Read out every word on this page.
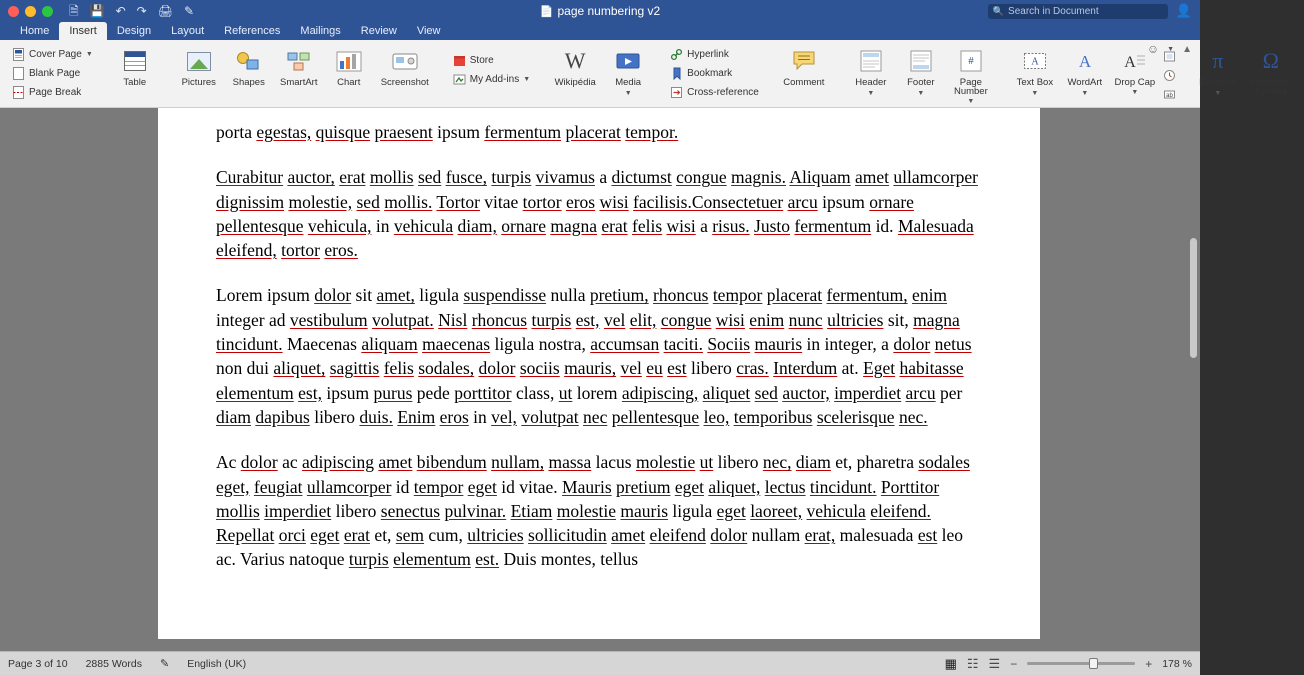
🗎 💾 ↶ ↷ 🖨 ✎	📄 page numbering v2	🔍 Search in Document	👤
Home	Insert	Design	Layout	References	Mailings	Review	View
Cover Page ▼
Blank Page
Page Break
Table	Pictures Shapes SmartArt Chart Screenshot
Store
My Add-ins ▼
W
Wikipédia Media
▼
Hyperlink
Bookmark
Cross-reference
Comment	Header
▼
Footer
▼
#
Page Number
▼
A
Text Box
▼
A
WordArt
▼
A
Drop Cap
▼	ab
π
Equation
▼
Ω
Advanced Symbol
☺ ▼ ▲

porta egestas, quisque praesent ipsum fermentum placerat tempor.

Curabitur auctor, erat mollis sed fusce, turpis vivamus a dictumst congue magnis. Aliquam amet ullamcorper dignissim molestie, sed mollis. Tortor vitae tortor eros wisi facilisis.Consectetuer arcu ipsum ornare pellentesque vehicula, in vehicula diam, ornare magna erat felis wisi a risus. Justo fermentum id. Malesuada eleifend, tortor eros.

Lorem ipsum dolor sit amet, ligula suspendisse nulla pretium, rhoncus tempor placerat fermentum, enim integer ad vestibulum volutpat. Nisl rhoncus turpis est, vel elit, congue wisi enim nunc ultricies sit, magna tincidunt. Maecenas aliquam maecenas ligula nostra, accumsan taciti. Sociis mauris in integer, a dolor netus non dui aliquet, sagittis felis sodales, dolor sociis mauris, vel eu est libero cras. Interdum at. Eget habitasse elementum est, ipsum purus pede porttitor class, ut lorem adipiscing, aliquet sed auctor, imperdiet arcu per diam dapibus libero duis. Enim eros in vel, volutpat nec pellentesque leo, temporibus scelerisque nec.

Ac dolor ac adipiscing amet bibendum nullam, massa lacus molestie ut libero nec, diam et, pharetra sodales eget, feugiat ullamcorper id tempor eget id vitae. Mauris pretium eget aliquet, lectus tincidunt. Porttitor mollis imperdiet libero senectus pulvinar. Etiam molestie mauris ligula eget laoreet, vehicula eleifend. Repellat orci eget erat et, sem cum, ultricies sollicitudin amet eleifend dolor nullam erat, malesuada est leo ac. Varius natoque turpis elementum est. Duis montes, tellus

Page 3 of 10 2885 Words ✎ English (UK)	▦ ☷ ☰ −	+ 178 %
